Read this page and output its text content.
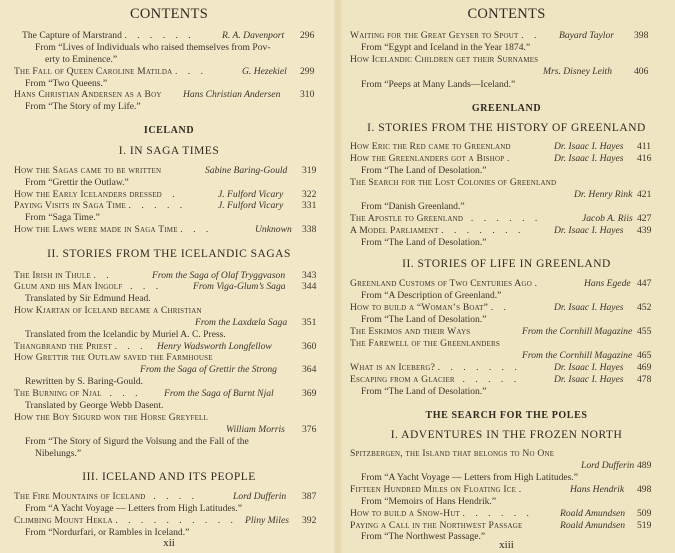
CONTENTS
The Capture of Marstrand . . . . . .	R. A. Davenport 296
From “Lives of Individuals who raised themselves from Pov-
erty to Eminence.”
The Fall of Queen Caroline Matilda . . .	G. Hezekiel 299
From “Two Queens.”
Hans Christian Andersen as a Boy Hans Christian Andersen 310
From “The Story of my Life.”
ICELAND
I. IN SAGA TIMES
How the Sagas came to be written	Sabine Baring-Gould 319
From “Grettir the Outlaw.”
How the Early Icelanders dressed .	J. Fulford Vicary 322
Paying Visits in Saga Time . . . . .	J. Fulford Vicary 331
From “Saga Time.”
How the Laws were made in Saga Time . . .	Unknown 338
II. STORIES FROM THE ICELANDIC SAGAS
The Irish in Thule . .	From the Saga of Olaf Tryggvason 343
Glum and his Man Ingolf . . .	From Viga-Glum’s Saga 344
Translated by Sir Edmund Head.
How Kjartan of Iceland became a Christian
From the Laxdæla Saga 351
Translated from the Icelandic by Muriel A. C. Press.
Thangbrand the Priest . . . Henry Wadsworth Longfellow	360
How Grettir the Outlaw saved the Farmhouse
From the Saga of Grettir the Strong	364
Rewritten by S. Baring-Gould.
The Burning of Njal . . . From the Saga of Burnt Njal	369
Translated by George Webb Dasent.
How the Boy Sigurd won the Horse Greyfell
William Morris 376
From “The Story of Sigurd the Volsung and the Fall of the
Nibelungs.”
III. ICELAND AND ITS PEOPLE
The Fire Mountains of Iceland . . . .	Lord Dufferin 387
From “A Yacht Voyage — Letters from High Latitudes.”
Climbing Mount Hekla . . . . . . . . . . Pliny Miles 392
From “Nordurfari, or Rambles in Iceland.”
xii
CONTENTS
Waiting for the Great Geyser to Spout . . Bayard Taylor 398
From “Egypt and Iceland in the Year 1874.”
How Icelandic Children get their Surnames
Mrs. Disney Leith 406
From “Peeps at Many Lands—Iceland.”
GREENLAND
I. STORIES FROM THE HISTORY OF GREENLAND
How Eric the Red came to Greenland	Dr. Isaac I. Hayes 411
How the Greenlanders got a Bishop .	Dr. Isaac I. Hayes 416
From “The Land of Desolation.”
The Search for the Lost Colonies of Greenland
Dr. Henry Rink 421
From “Danish Greenland.”
The Apostle to Greenland . . . . . .	Jacob A. Riis 427
A Model Parliament . . . . . . .	Dr. Isaac I. Hayes 439
From “The Land of Desolation.”
II. STORIES OF LIFE IN GREENLAND
Greenland Customs of Two Centuries Ago .	Hans Egede 447
From “A Description of Greenland.”
How to build a “Woman’s Boat” . .	Dr. Isaac I. Hayes 452
From “The Land of Desolation.”
The Eskimos and their Ways	From the Cornhill Magazine 455
The Farewell of the Greenlanders
From the Cornhill Magazine 465
What is an Iceberg? . . . . . . .	Dr. Isaac I. Hayes 469
Escaping from a Glacier . . . . .	Dr. Isaac I. Hayes 478
From “The Land of Desolation.”
THE SEARCH FOR THE POLES
I. ADVENTURES IN THE FROZEN NORTH
Spitzbergen, the Island that belongs to No One
Lord Dufferin 489
From “A Yacht Voyage — Letters from High Latitudes.”
Fifteen Hundred Miles on Floating Ice .	Hans Hendrik 498
From “Memoirs of Hans Hendrik.”
How to build a Snow-Hut . . . . . .	Roald Amundsen 509
Paying a Call in the Northwest Passage	Roald Amundsen 519
From “The Northwest Passage.”
xiii
